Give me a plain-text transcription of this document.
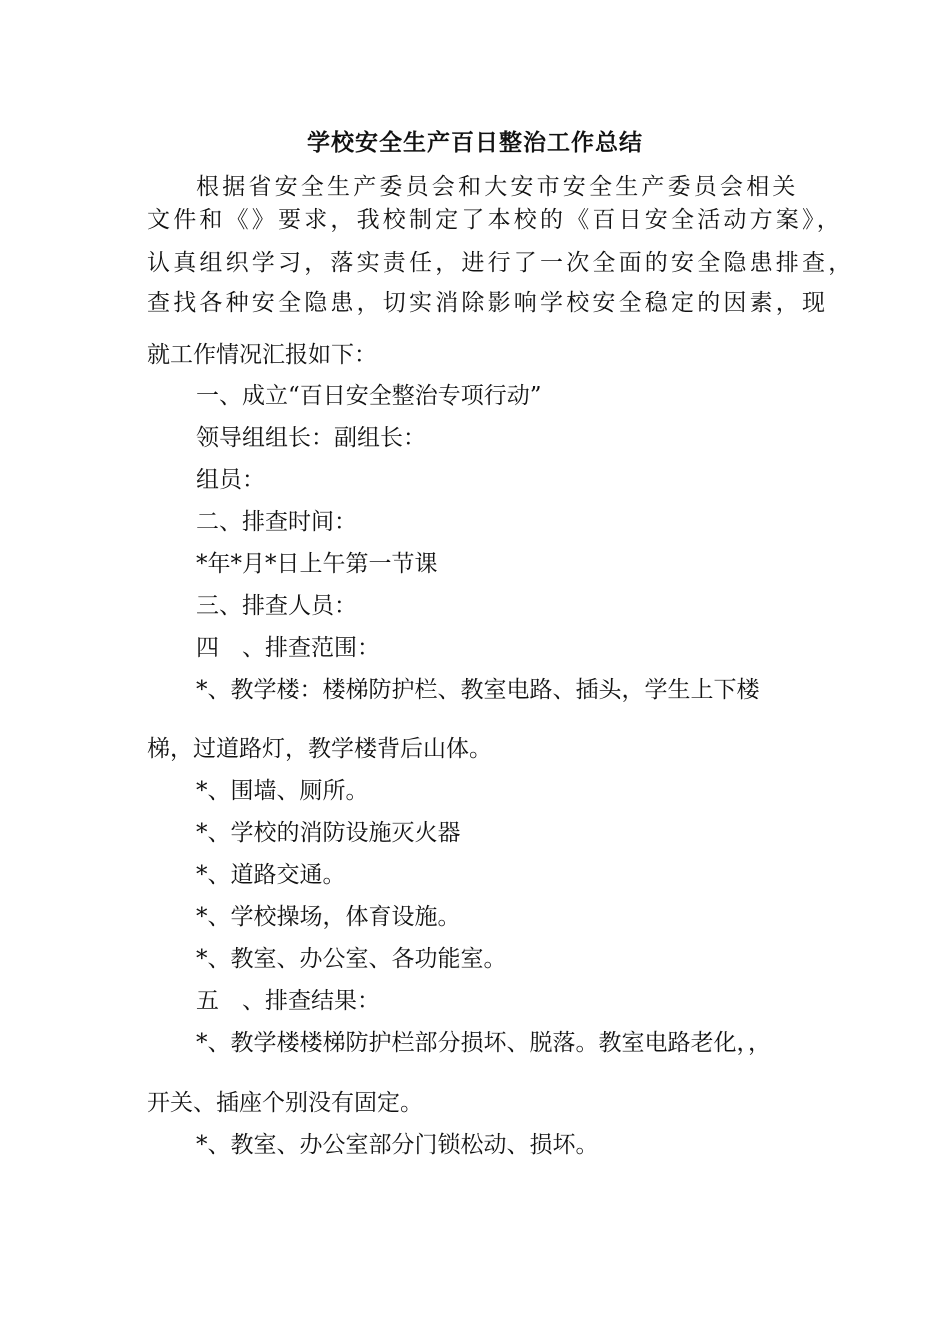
学校安全生产百日整治工作总结
根据省安全生产委员会和大安市安全生产委员会相关
文件和《》要求，我校制定了本校的《百日安全活动方案》，
认真组织学习，落实责任，进行了一次全面的安全隐患排查，
查找各种安全隐患，切实消除影响学校安全稳定的因素，现
就工作情况汇报如下：
一、成立“百日安全整治专项行动”
领导组组长：副组长：
组员：
二、排查时间：
*年*月*日上午第一节课
三、排查人员：
四　、排查范围：
*、教学楼：楼梯防护栏、教室电路、插头，学生上下楼
梯，过道路灯，教学楼背后山体。
*、围墙、厕所。
*、学校的消防设施灭火器
*、道路交通。
*、学校操场，体育设施。
*、教室、办公室、各功能室。
五　、排查结果：
*、教学楼楼梯防护栏部分损坏、脱落。教室电路老化，，
开关、插座个别没有固定。
*、教室、办公室部分门锁松动、损坏。
